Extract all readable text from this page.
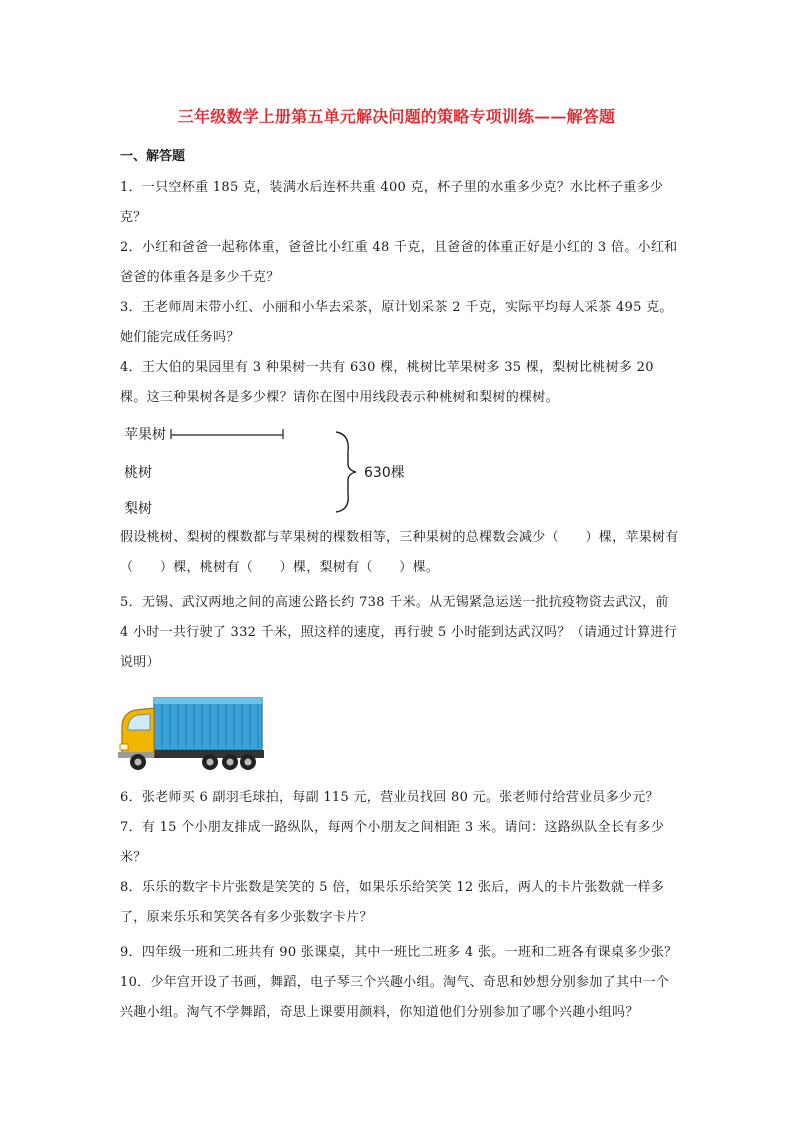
三年级数学上册第五单元解决问题的策略专项训练——解答题
一、解答题
1．一只空杯重 185 克，装满水后连杯共重 400 克，杯子里的水重多少克？水比杯子重多少克？
2．小红和爸爸一起称体重，爸爸比小红重 48 千克，且爸爸的体重正好是小红的 3 倍。小红和爸爸的体重各是多少千克？
3．王老师周末带小红、小丽和小华去采茶，原计划采茶 2 千克，实际平均每人采茶 495 克。她们能完成任务吗？
4．王大伯的果园里有 3 种果树一共有 630 棵，桃树比苹果树多 35 棵，梨树比桃树多 20 棵。这三种果树各是多少棵？请你在图中用线段表示种桃树和梨树的棵树。
苹果树
桃树
梨树
630棵
假设桃树、梨树的棵数都与苹果树的棵数相等，三种果树的总棵数会减少（　　）棵，苹果树有（　　）棵，桃树有（　　）棵，梨树有（　　）棵。
5．无锡、武汉两地之间的高速公路长约 738 千米。从无锡紧急运送一批抗疫物资去武汉，前 4 小时一共行驶了 332 千米，照这样的速度，再行驶 5 小时能到达武汉吗？（请通过计算进行说明）
6．张老师买 6 副羽毛球拍，每副 115 元，营业员找回 80 元。张老师付给营业员多少元？
7．有 15 个小朋友排成一路纵队，每两个小朋友之间相距 3 米。请问：这路纵队全长有多少米？
8．乐乐的数字卡片张数是笑笑的 5 倍，如果乐乐给笑笑 12 张后，两人的卡片张数就一样多了，原来乐乐和笑笑各有多少张数字卡片？
9．四年级一班和二班共有 90 张课桌，其中一班比二班多 4 张。一班和二班各有课桌多少张？
10．少年宫开设了书画，舞蹈，电子琴三个兴趣小组。淘气、奇思和妙想分别参加了其中一个兴趣小组。淘气不学舞蹈，奇思上课要用颜料，你知道他们分别参加了哪个兴趣小组吗？
